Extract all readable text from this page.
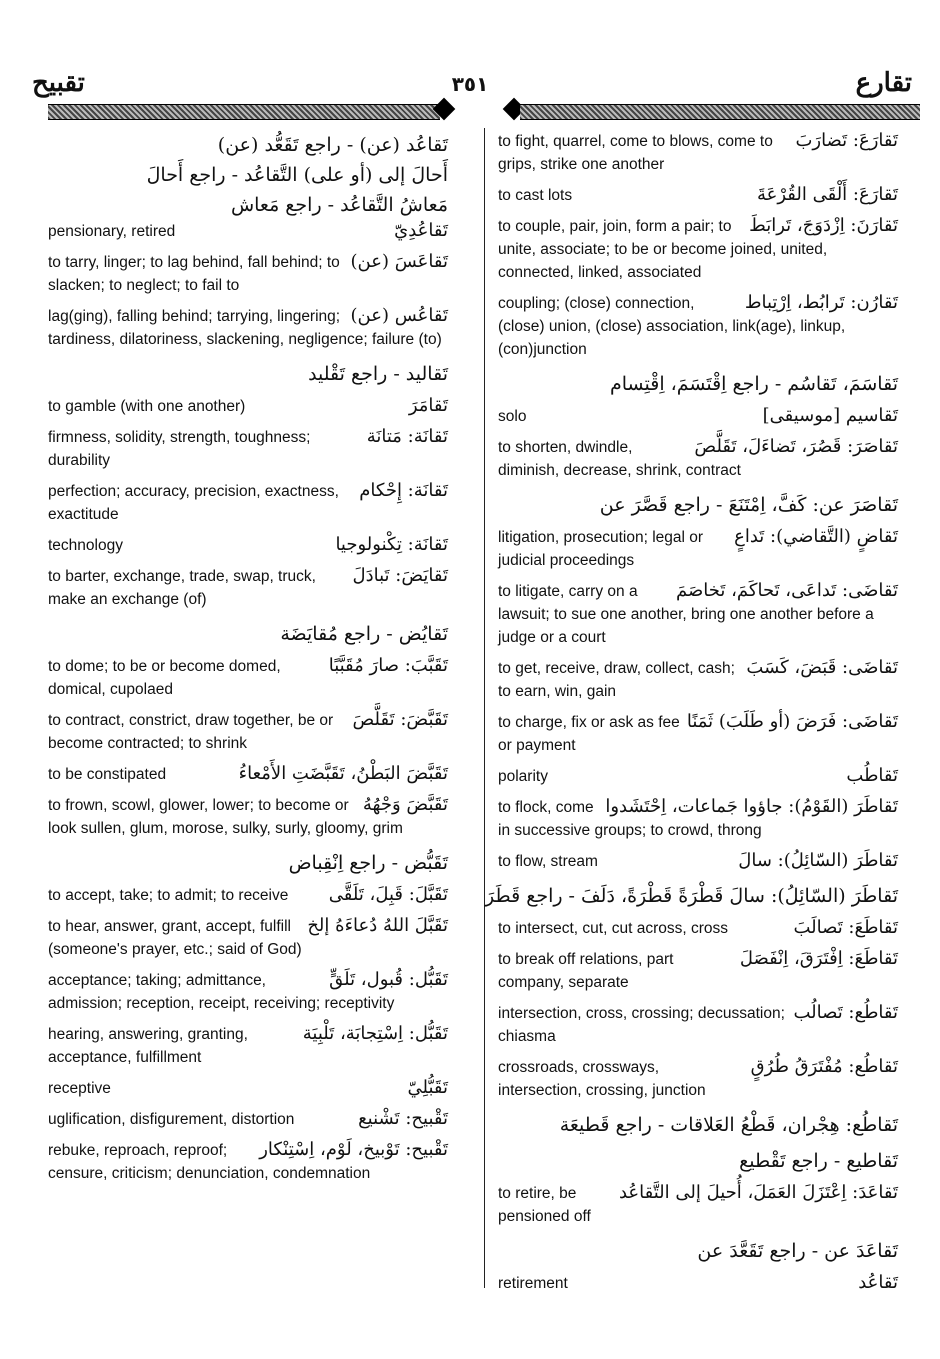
تقبيح	٣٥١	تقارع
تَقاعُد (عن) - راجع تَقَعُّد (عن)
أَحالَ إلى (أو على) التَّقاعُد - راجع أَحالَ
مَعاشُ التَّقاعُد - راجع مَعاش
تَقاعُدِيّ
pensionary, retired
تَقاعَسَ (عن)
to tarry, linger; to lag behind, fall behind; to slacken; to neglect; to fail to
تَقاعُس (عن)
lag(ging), falling behind; tarrying, lingering; tardiness, dilatoriness, slackening, negligence; failure (to)
تَقاليد - راجع تَقْليد
تَقامَرَ
to gamble (with one another)
تَقانَة: مَتانَة
firmness, solidity, strength, toughness; durability
تَقانَة: إِحْكام
perfection; accuracy, precision, exactness, exactitude
تَقانَة: تِكْنولوجيا
technology
تَقايَضَ: تَبادَلَ
to barter, exchange, trade, swap, truck, make an exchange (of)
تَقايُض - راجع مُقايَضَة
تَقَبَّبَ: صارَ مُقَبَّبًا
to dome; to be or become domed, domical, cupolaed
تَقَبَّضَ: تَقَلَّصَ
to contract, constrict, draw together, be or become contracted; to shrink
تَقَبَّضَ البَطْنُ، تَقَبَّضَتِ الأَمْعاءُ
to be constipated
تَقَبَّضَ وَجْهُهُ
to frown, scowl, glower, lower; to become or look sullen, glum, morose, sulky, surly, gloomy, grim
تَقَبُّض - راجع اِنْقِباض
تَقَبَّلَ: قَبِلَ، تَلَقَّى
to accept, take; to admit; to receive
تَقَبَّلَ اللهُ دُعاءَهُ إلخ
to hear, answer, grant, accept, fulfill (someone's prayer, etc.; said of God)
تَقَبُّل: قُبول، تَلَقٍّ
acceptance; taking; admittance, admission; reception, receipt, receiving; receptivity
تَقَبُّل: اِسْتِجابَة، تَلْبِيَة
hearing, answering, granting, acceptance, fulfillment
تَقَبُّلِيّ
receptive
تَقْبيح: تَشْنيع
uglification, disfigurement, distortion
تَقْبيح: تَوْبيخ، لَوْم، اِسْتِنْكار
rebuke, reproach, reproof; censure, criticism; denunciation, condemnation
تَقارَعَ: تَضارَبَ
to fight, quarrel, come to blows, come to grips, strike one another
تَقارَعَ: أَلْقَى القُرْعَةَ
to cast lots
تَقارَنَ: اِزْدَوَجَ، تَرابَطَ
to couple, pair, join, form a pair; to unite, associate; to be or become joined, united, connected, linked, associated
تَقارُن: تَرابُط، اِرْتِباط
coupling; (close) connection, (close) union, (close) association, link(age), linkup, (con)junction
تَقاسَمَ، تَقاسُم - راجع اِقْتَسَمَ، اِقْتِسام
تَقاسيم [موسيقى]
solo
تَقاصَرَ: قَصُرَ، تَضاءَلَ، تَقَلَّصَ
to shorten, dwindle, diminish, decrease, shrink, contract
تَقاصَرَ عن: كَفَّ، اِمْتَنَعَ - راجع قَصَّرَ عن
تَقاضٍ (التَّقاضي): تَداعٍ
litigation, prosecution; legal or judicial proceedings
تَقاضَى: تَداعَى، تَحاكَمَ، تَخاصَمَ
to litigate, carry on a lawsuit; to sue one another, bring one another before a judge or a court
تَقاضَى: قَبَضَ، كَسَبَ
to get, receive, draw, collect, cash; to earn, win, gain
تَقاضَى: فَرَضَ (أو طَلَبَ) ثَمَنًا
to charge, fix or ask as fee or payment
تَقاطُب
polarity
تَقاطَرَ (القَوْمُ): جاؤوا جَماعات، اِحْتَشَدوا
to flock, come in successive groups; to crowd, throng
تَقاطَرَ (السّائِلُ): سالَ
to flow, stream
تَقاطَرَ (السّائِلُ): سالَ قَطْرَةً قَطْرَةً، دَلَفَ - راجع قَطَرَ
تَقاطَعَ: تَصالَبَ
to intersect, cut, cut across, cross
تَقاطَعَ: اِفْتَرَقَ، اِنْفَصَلَ
to break off relations, part company, separate
تَقاطُع: تَصالُب
intersection, cross, crossing; decussation; chiasma
تَقاطُع: مُفْتَرَقُ طُرُقٍ
crossroads, crossways, intersection, crossing, junction
تَقاطُع: هِجْران، قَطْعُ العَلاقات - راجع قَطيعَة
تَقاطيع - راجع تَقْطيع
تَقاعَدَ: اِعْتَزَلَ العَمَلَ، أُحيلَ إلى التَّقاعُد
to retire, be pensioned off
تَقاعَدَ عن - راجع تَقَعَّدَ عن
تَقاعُد
retirement
